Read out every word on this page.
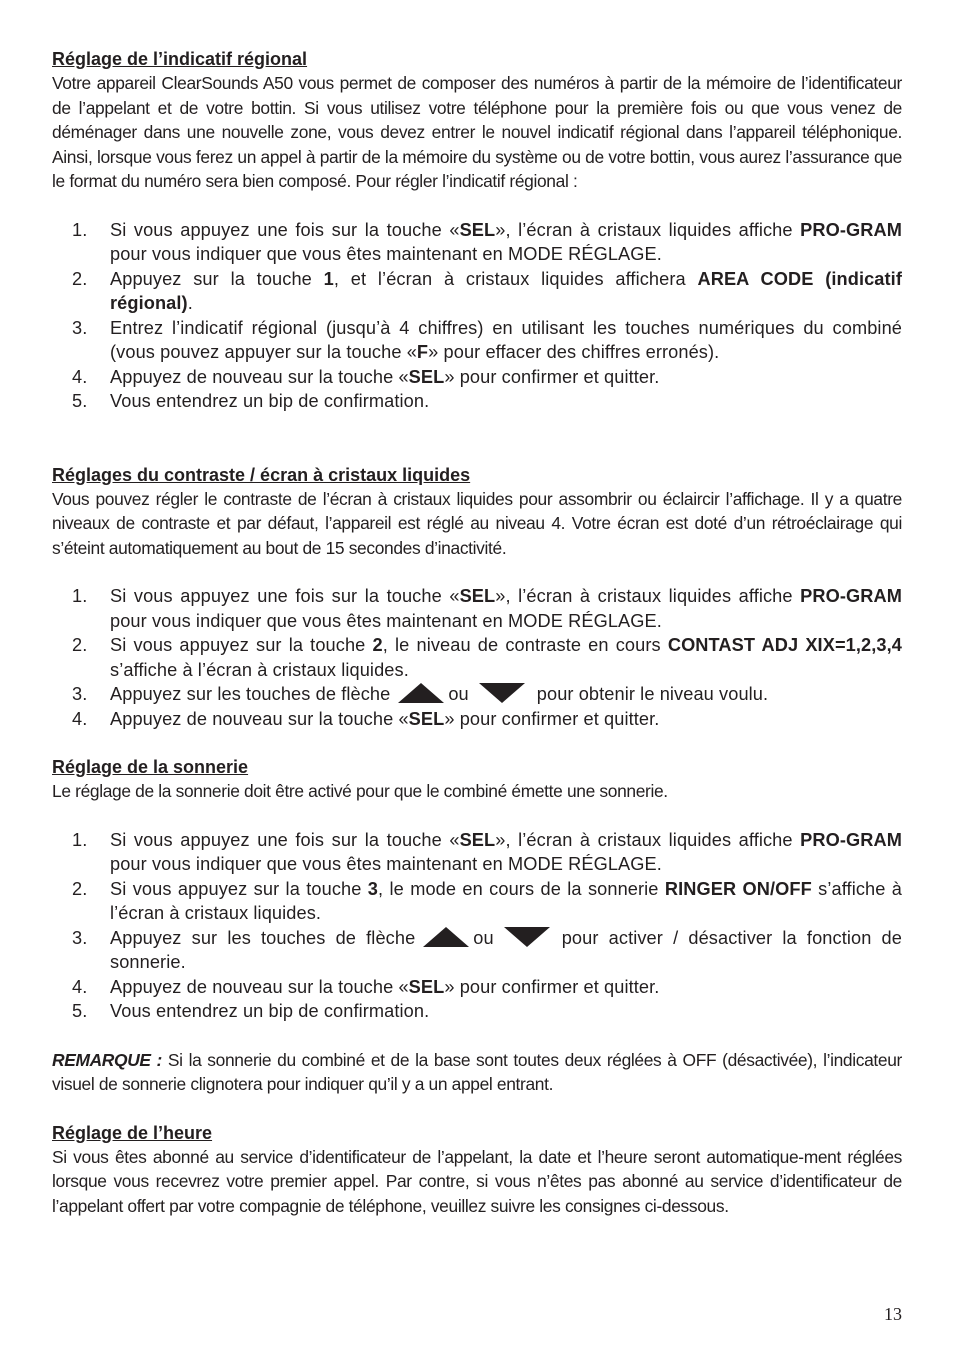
Réglage de l’indicatif régional

Votre appareil ClearSounds A50 vous permet de composer des numéros à partir de la mémoire de l’identificateur de l’appelant et de votre bottin. Si vous utilisez votre téléphone pour la première fois ou que vous venez de déménager dans une nouvelle zone, vous devez entrer le nouvel indicatif régional dans l’appareil téléphonique. Ainsi, lorsque vous ferez un appel à partir de la mémoire du système ou de votre bottin, vous aurez l’assurance que le format du numéro sera bien composé. Pour régler l’indicatif régional :

1. Si vous appuyez une fois sur la touche «SEL», l’écran à cristaux liquides affiche PRO-GRAM pour vous indiquer que vous êtes maintenant en MODE RÉGLAGE.
2. Appuyez sur la touche 1, et l’écran à cristaux liquides affichera AREA CODE (indicatif régional).
3. Entrez l’indicatif régional (jusqu’à 4 chiffres) en utilisant les touches numériques du combiné (vous pouvez appuyer sur la touche «F» pour effacer des chiffres erronés).
4. Appuyez de nouveau sur la touche «SEL» pour confirmer et quitter.
5. Vous entendrez un bip de confirmation.
Réglages du contraste / écran à cristaux liquides

Vous pouvez régler le contraste de l’écran à cristaux liquides pour assombrir ou éclaircir l’affichage. Il y a quatre niveaux de contraste et par défaut, l’appareil est réglé au niveau 4. Votre écran est doté d’un rétroéclairage qui s’éteint automatiquement au bout de 15 secondes d’inactivité.

1. Si vous appuyez une fois sur la touche «SEL», l’écran à cristaux liquides affiche PRO-GRAM pour vous indiquer que vous êtes maintenant en MODE RÉGLAGE.
2. Si vous appuyez sur la touche 2, le niveau de contraste en cours CONTAST ADJ XIX=1,2,3,4 s’affiche à l’écran à cristaux liquides.
3. Appuyez sur les touches de flèche	ou	pour obtenir le niveau voulu.
4. Appuyez de nouveau sur la touche «SEL» pour confirmer et quitter.
Réglage de la sonnerie

Le réglage de la sonnerie doit être activé pour que le combiné émette une sonnerie.

1. Si vous appuyez une fois sur la touche «SEL», l’écran à cristaux liquides affiche PRO-GRAM pour vous indiquer que vous êtes maintenant en MODE RÉGLAGE.
2. Si vous appuyez sur la touche 3, le mode en cours de la sonnerie RINGER ON/OFF s’affiche à l’écran à cristaux liquides.
3. Appuyez sur les touches de flèche	ou	pour activer / désactiver la fonction de sonnerie.
4. Appuyez de nouveau sur la touche «SEL» pour confirmer et quitter.
5. Vous entendrez un bip de confirmation.

REMARQUE : Si la sonnerie du combiné et de la base sont toutes deux réglées à OFF (désactivée), l’indicateur visuel de sonnerie clignotera pour indiquer qu’il y a un appel entrant.

Réglage de l’heure

Si vous êtes abonné au service d’identificateur de l’appelant, la date et l’heure seront automatique-ment réglées lorsque vous recevrez votre premier appel. Par contre, si vous n’êtes pas abonné au service d’identificateur de l’appelant offert par votre compagnie de téléphone, veuillez suivre les consignes ci-dessous.

13
